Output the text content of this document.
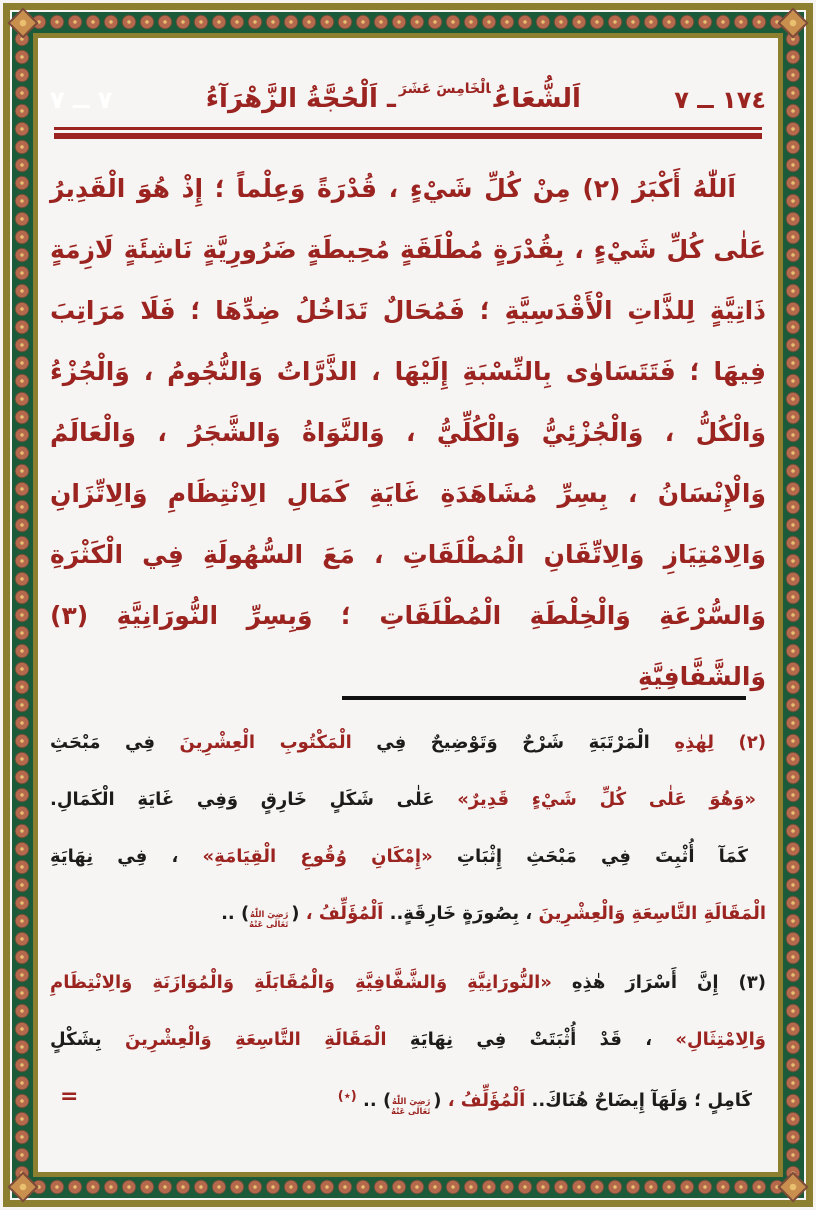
١٧٤ ــ ٧
اَلشُّعَاعُ$^{الْخَامِسَ عَشَرَ}$ـ اَلْحُجَّةُ الزَّهْرَآءُ
٧ ــ ٧
اَللّٰهُ أَكْبَرُ (٢) مِنْ كُلِّ شَيْءٍ ، قُدْرَةً وَعِلْماً ؛ إِذْ هُوَ الْقَدِيرُ
عَلٰى كُلِّ شَيْءٍ ، بِقُدْرَةٍ مُطْلَقَةٍ مُحِيطَةٍ ضَرُورِيَّةٍ نَاشِئَةٍ لَازِمَةٍ
ذَاتِيَّةٍ لِلذَّاتِ الْأَقْدَسِيَّةِ ؛ فَمُحَالٌ تَدَاخُلُ ضِدِّهَا ؛ فَلَا مَرَاتِبَ
فِيهَا ؛ فَتَتَسَاوٰى بِالنِّسْبَةِ إِلَيْهَا ، الذَّرَّاتُ وَالنُّجُومُ ، وَالْجُزْءُ
وَالْكُلُّ ، وَالْجُزْئِيُّ وَالْكُلِّيُّ ، وَالنَّوَاةُ وَالشَّجَرُ ، وَالْعَالَمُ
وَالْإِنْسَانُ ، بِسِرِّ مُشَاهَدَةِ غَايَةِ كَمَالِ الِانْتِظَامِ وَالِاتِّزَانِ
وَالِامْتِيَازِ وَالِاتِّقَانِ الْمُطْلَقَاتِ ، مَعَ السُّهُولَةِ فِي الْكَثْرَةِ
وَالسُّرْعَةِ وَالْخِلْطَةِ الْمُطْلَقَاتِ ؛ وَبِسِرِّ النُّورَانِيَّةِ (٣) وَالشَّفَّافِيَّةِ
(٢) لِهٰذِهِ الْمَرْتَبَةِ شَرْحٌ وَتَوْضِيحٌ فِي الْمَكْتُوبِ الْعِشْرِينَ فِي مَبْحَثِ
«وَهُوَ عَلٰى كُلِّ شَيْءٍ قَدِيرٌ» عَلٰى شَكَلٍ خَارِقٍ وَفِي غَايَةِ الْكَمَالِ.
كَمَآ أُثْبِتَ فِي مَبْحَثِ إِثْبَاتِ «إِمْكَانِ وُقُوعِ الْقِيَامَةِ» ، فِي نِهَايَةِ
الْمَقَالَةِ التَّاسِعَةِ وَالْعِشْرِينَ ، بِصُورَةٍ خَارِقَةٍ.. اَلْمُؤَلِّفُ ، (
رَضِيَ اللّٰهُ
تَعَالٰى عَنْهُ
) ..
(٣) إِنَّ أَسْرَارَ هٰذِهِ «النُّورَانِيَّةِ وَالشَّفَّافِيَّةِ وَالْمُقَابَلَةِ وَالْمُوَازَنَةِ وَالِانْتِظَامِ
وَالِامْتِثَالِ» ، قَدْ أُثْبَتَتْ فِي نِهَايَةِ الْمَقَالَةِ التَّاسِعَةِ وَالْعِشْرِينَ بِشَكْلٍ
كَامِلٍ ؛ وَلَهَآ إِيضَاحٌ هُنَاكَ.. اَلْمُؤَلِّفُ ، (
رَضِيَ اللّٰهُ
تَعَالٰى عَنْهُ
) .. (٭)
=
